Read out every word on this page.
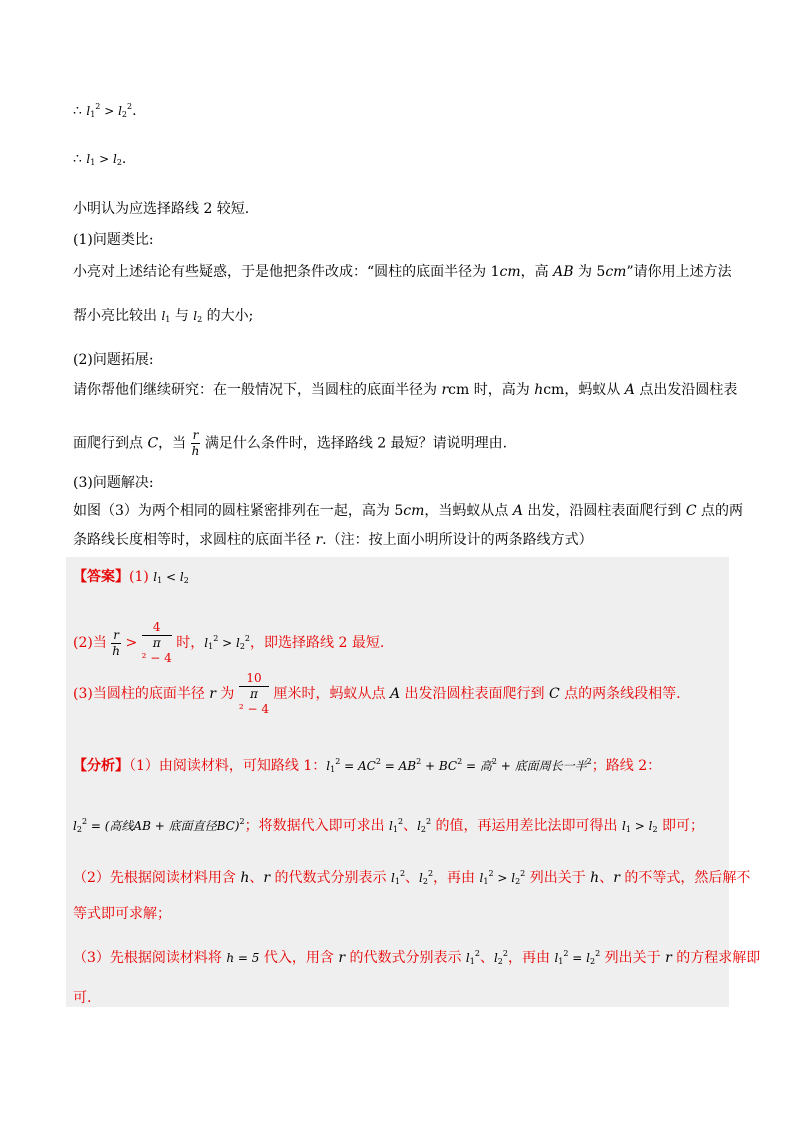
∴ $l1^2 > l2^2$.
∴ l1 > l2.
小明认为应选择路线 2 较短.
(1)问题类比:
小亮对上述结论有些疑惑，于是他把条件改成：“圆柱的底面半径为 1cm，高 AB 为 5cm”请你用上述方法
帮小亮比较出 l1 与 l2 的大小;
(2)问题拓展:
请你帮他们继续研究：在一般情况下，当圆柱的底面半径为 rcm 时，高为 hcm，蚂蚁从 A 点出发沿圆柱表
面爬行到点 C，当 $\frac{r}{h}$ 满足什么条件时，选择路线 2 最短？请说明理由.
(3)问题解决:
如图（3）为两个相同的圆柱紧密排列在一起，高为 5cm，当蚂蚁从点 A 出发，沿圆柱表面爬行到 C 点的两
条路线长度相等时，求圆柱的底面半径 r.（注：按上面小明所设计的两条路线方式）
【答案】(1) l1 < l2
(2)当 $\frac{r}{h} > 4$
π
² − 4 时，$l1^2 > l2^2$，即选择路线 2 最短.
(3)当圆柱的底面半径 r 为 10
π
² − 4 厘米时，蚂蚁从点 A 出发沿圆柱表面爬行到 C 点的两条线段相等.
【分析】（1）由阅读材料，可知路线 1：$l1^2 = AC^2 = AB^2 + BC^2$ = 高$^2$ + 底面周长一半$^2$；路线 2：
$l2^2$ = (高线AB + 底面直径BC)$^2$；将数据代入即可求出 $l1^2$、$l2^2$ 的值，再运用差比法即可得出 l1 > l2 即可；
（2）先根据阅读材料用含 h、r 的代数式分别表示 $l1^2$、$l2^2$，再由 $l1^2 > l2^2$ 列出关于 h、r 的不等式，然后解不
等式即可求解；
（3）先根据阅读材料将 h = 5 代入，用含 r 的代数式分别表示 $l1^2$、$l2^2$，再由 $l1^2 = l2^2$ 列出关于 r 的方程求解即
可.
